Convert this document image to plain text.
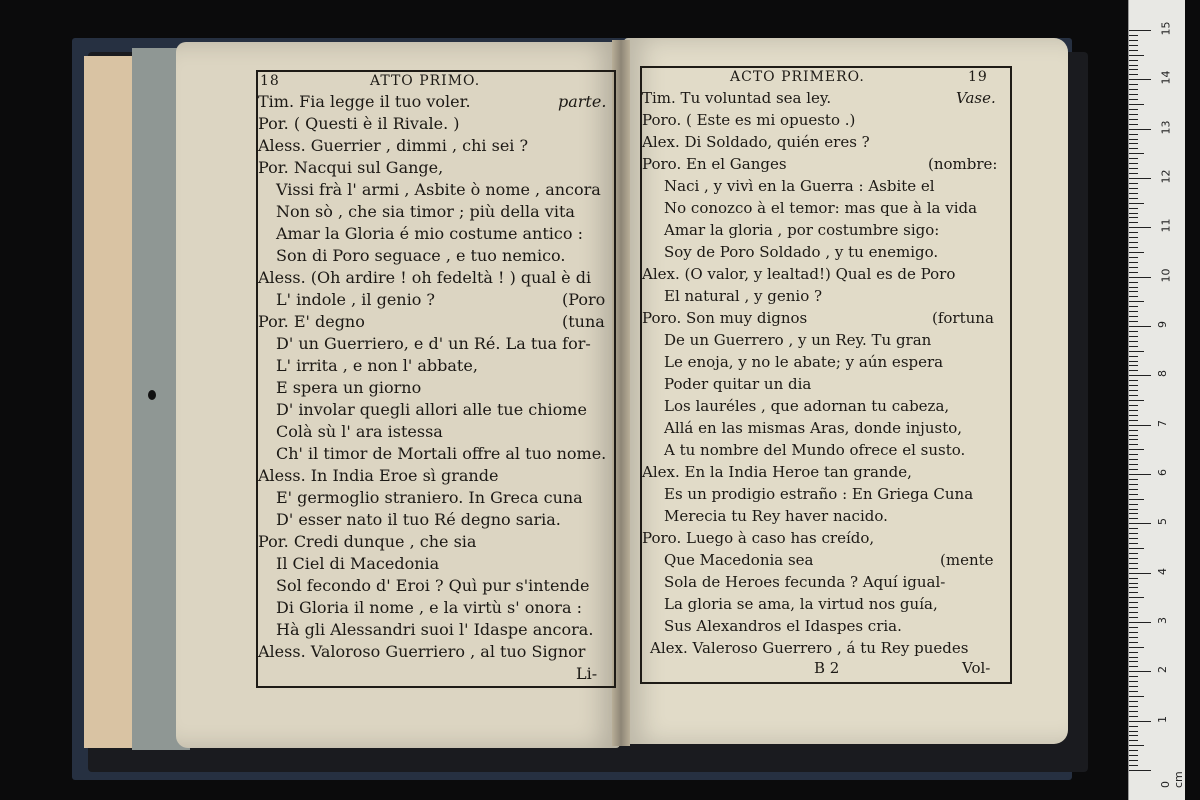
18	ATTO PRIMO.	ACTO PRIMERO.	19
Tim. Fia legge il tuo voler.
Por. ( Questi è il Rivale. )
Aless. Guerrier , dimmi , chi sei ?
Por. Nacqui sul Gange,
Vissi frà l' armi , Asbite ò nome , ancora
Non sò , che sia timor ; più della vita
Amar la Gloria é mio costume antico :
Son di Poro seguace , e tuo nemico.
Aless. (Oh ardire ! oh fedeltà ! ) qual è di
L' indole , il genio ?
Por. E' degno
D' un Guerriero, e d' un Ré. La tua for-
L' irrita , e non l' abbate,
E spera un giorno
D' involar quegli allori alle tue chiome
Colà sù l' ara istessa
Ch' il timor de Mortali offre al tuo nome.
Aless. In India Eroe sì grande
E' germoglio straniero. In Greca cuna
D' esser nato il tuo Ré degno saria.
Por. Credi dunque , che sia
Il Ciel di Macedonia
Sol fecondo d' Eroi ? Quì pur s'intende
Di Gloria il nome , e la virtù s' onora :
Hà gli Alessandri suoi l' Idaspe ancora.
Aless. Valoroso Guerriero , al tuo Signor
parte.
(Poro
(tuna
Li-
Tim. Tu voluntad sea ley.
Poro. ( Este es mi opuesto .)
Alex. Di Soldado, quién eres ?
Poro. En el Ganges
Naci , y vivì en la Guerra : Asbite el
No conozco à el temor: mas que à la vida
Amar la gloria , por costumbre sigo:
Soy de Poro Soldado , y tu enemigo.
Alex. (O valor, y lealtad!) Qual es de Poro
El natural , y genio ?
Poro. Son muy dignos
De un Guerrero , y un Rey. Tu gran
Le enoja, y no le abate; y aún espera
Poder quitar un dia
Los lauréles , que adornan tu cabeza,
Allá en las mismas Aras, donde injusto,
A tu nombre del Mundo ofrece el susto.
Alex. En la India Heroe tan grande,
Es un prodigio estraño : En Griega Cuna
Merecia tu Rey haver nacido.
Poro. Luego à caso has creído,
Que Macedonia sea
Sola de Heroes fecunda ? Aquí igual-
La gloria se ama, la virtud nos guía,
Sus Alexandros el Idaspes cria.
Alex. Valeroso Guerrero , á tu Rey puedes
Vase.
(nombre:
(fortuna
(mente
B 2	Vol-
15
14
13
12
11
10
9
8
7
6
5
4
3
2
1
0 cm
